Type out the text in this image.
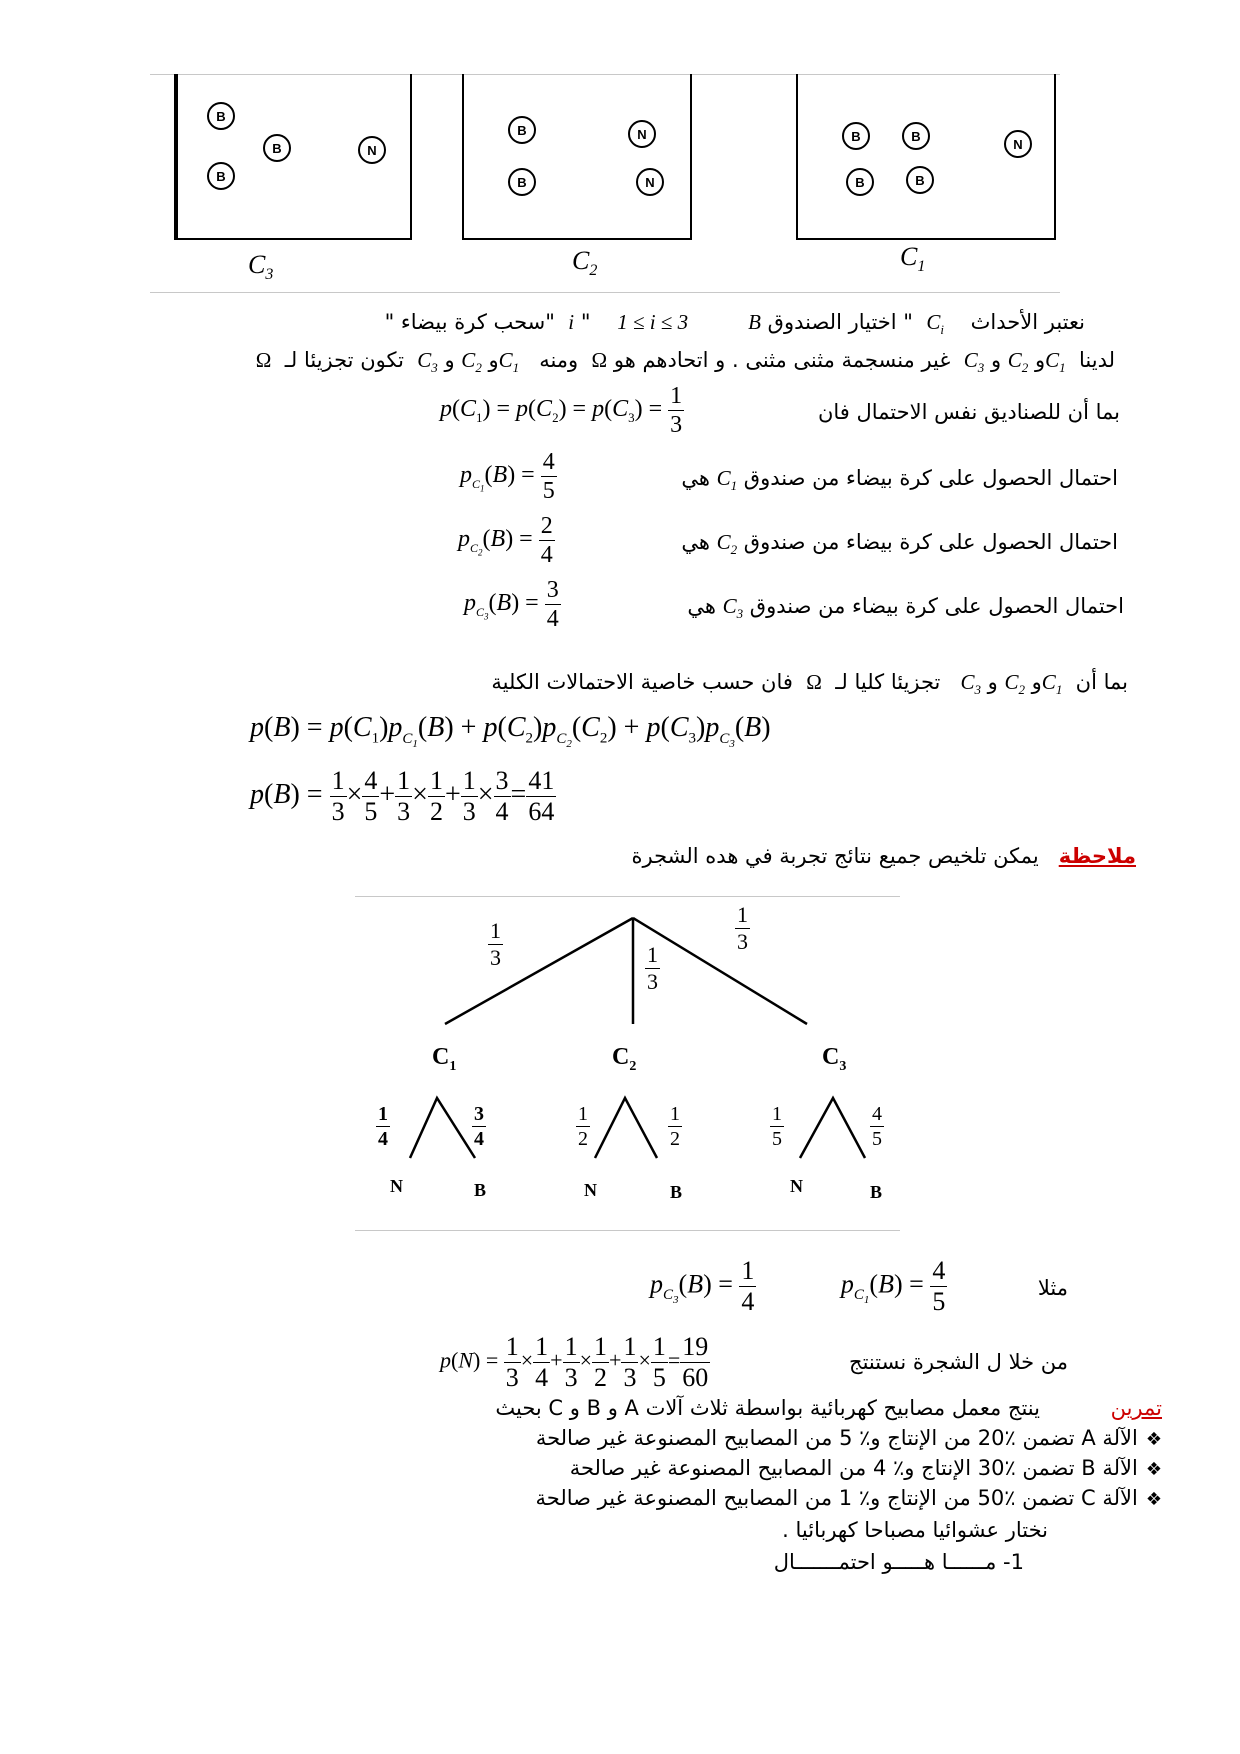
B
B
B
N
B	N
B	N
B	B
N
B	B
$C_3$	$C_2$	$C_1$
نعتبر الأحداث    $C_i$  " اختيار الصندوق i "    1 ≤ i ≤ 3	B  "سحب كرة بيضاء "
لدينا  $C_1و$ $C_2$ و $C_3$  غير منسجمة مثنى مثنى . و اتحادهم هو Ω  ومنه   $C_1و$ $C_2$ و $C_3$  تكون تجزيئا لـ  Ω
بما أن للصناديق نفس الاحتمال فان
$p(C_1) = p(C_2) = p(C_3) = \frac{1}{3}$
احتمال الحصول على كرة بيضاء من صندوق $C_1$ هي
$p_{C_1}(B) = \frac{4}{5}$
احتمال الحصول على كرة بيضاء من صندوق $C_2$ هي
$p_{C_2}(B) = \frac{2}{4}$
احتمال الحصول على كرة بيضاء من صندوق $C_3$ هي
$p_{C_3}(B) = \frac{3}{4}$
بما أن  $C_1و$ $C_2$ و $C_3$   تجزيئا كليا لـ  Ω  فان حسب خاصية الاحتمالات الكلية
$p(B) = p(C_1)p_{C_1}(B) + p(C_2)p_{C_2}(C_2) + p(C_3)p_{C_3}(B)$
$p(B) = \frac{1}{3} \times \frac{4}{5} + \frac{1}{3} \times \frac{1}{2} + \frac{1}{3} \times \frac{3}{4} = \frac{41}{64}$
ملاحظة   يمكن تلخيص جميع نتائج تجربة في هده الشجرة
$\frac{1}{3}$	$\frac{1}{3}$
$\frac{1}{3}$
$C_1$	$C_2$	$C_3$
$\frac{1}{4}$	$\frac{3}{4}$	$\frac{1}{2}$	$\frac{1}{2}$	$\frac{1}{5}$	$\frac{4}{5}$
N	B	N	B	N	B
مثلا
$p_{C_3}(B) = \frac{1}{4}$	$p_{C_1}(B) = \frac{4}{5}$
من خلا ل الشجرة نستنتج
$p(N) = \frac{1}{3} \times \frac{1}{4} + \frac{1}{3} \times \frac{1}{2} + \frac{1}{3} \times \frac{1}{5} = \frac{19}{60}$
تمرين
ينتج معمل مصابيح كهربائية بواسطة ثلاث آلات A و B و C بحيث
❖الآلة A تضمن ٪20 من الإنتاج و٪ 5 من المصابيح المصنوعة غير صالحة
❖الآلة B تضمن ٪30 الإنتاج و٪ 4 من المصابيح المصنوعة غير صالحة
❖الآلة C تضمن ٪50 من الإنتاج و٪ 1 من المصابيح المصنوعة غير صالحة
نختار عشوائيا مصباحا كهربائيا .
1- مــــــا هـــــو احتمـــــــال
